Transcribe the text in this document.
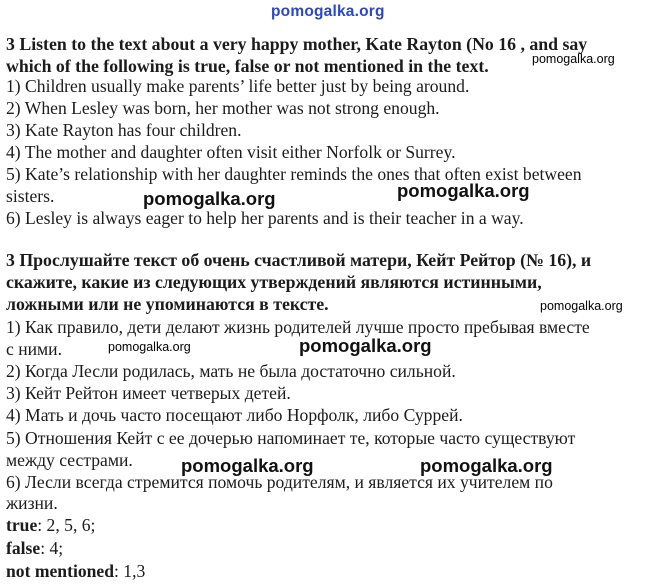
pomogalka.org
3 Listen to the text about a very happy mother, Kate Rayton (No 16 , and say
which of the following is true, false or not mentioned in the text.	pomogalka.org
1) Children usually make parents’ life better just by being around.
2) When Lesley was born, her mother was not strong enough.
3) Kate Rayton has four children.
4) The mother and daughter often visit either Norfolk or Surrey.
5) Kate’s relationship with her daughter reminds the ones that often exist between
sisters.	pomogalka.org	pomogalka.org
6) Lesley is always eager to help her parents and is their teacher in a way.
3 Прослушайте текст об очень счастливой матери, Кейт Рейтор (№ 16), и
скажите, какие из следующих утверждений являются истинными,
ложными или не упоминаются в тексте.	pomogalka.org
1) Как правило, дети делают жизнь родителей лучше просто пребывая вместе
с ними.	pomogalka.org	pomogalka.org
2) Когда Лесли родилась, мать не была достаточно сильной.
3) Кейт Рейтон имеет четверых детей.
4) Мать и дочь часто посещают либо Норфолк, либо Суррей.
5) Отношения Кейт с ее дочерью напоминает те, которые часто существуют
между сестрами.	pomogalka.org	pomogalka.org
6) Лесли всегда стремится помочь родителям, и является их учителем по
жизни.
true: 2, 5, 6;
false: 4;
not mentioned: 1,3
